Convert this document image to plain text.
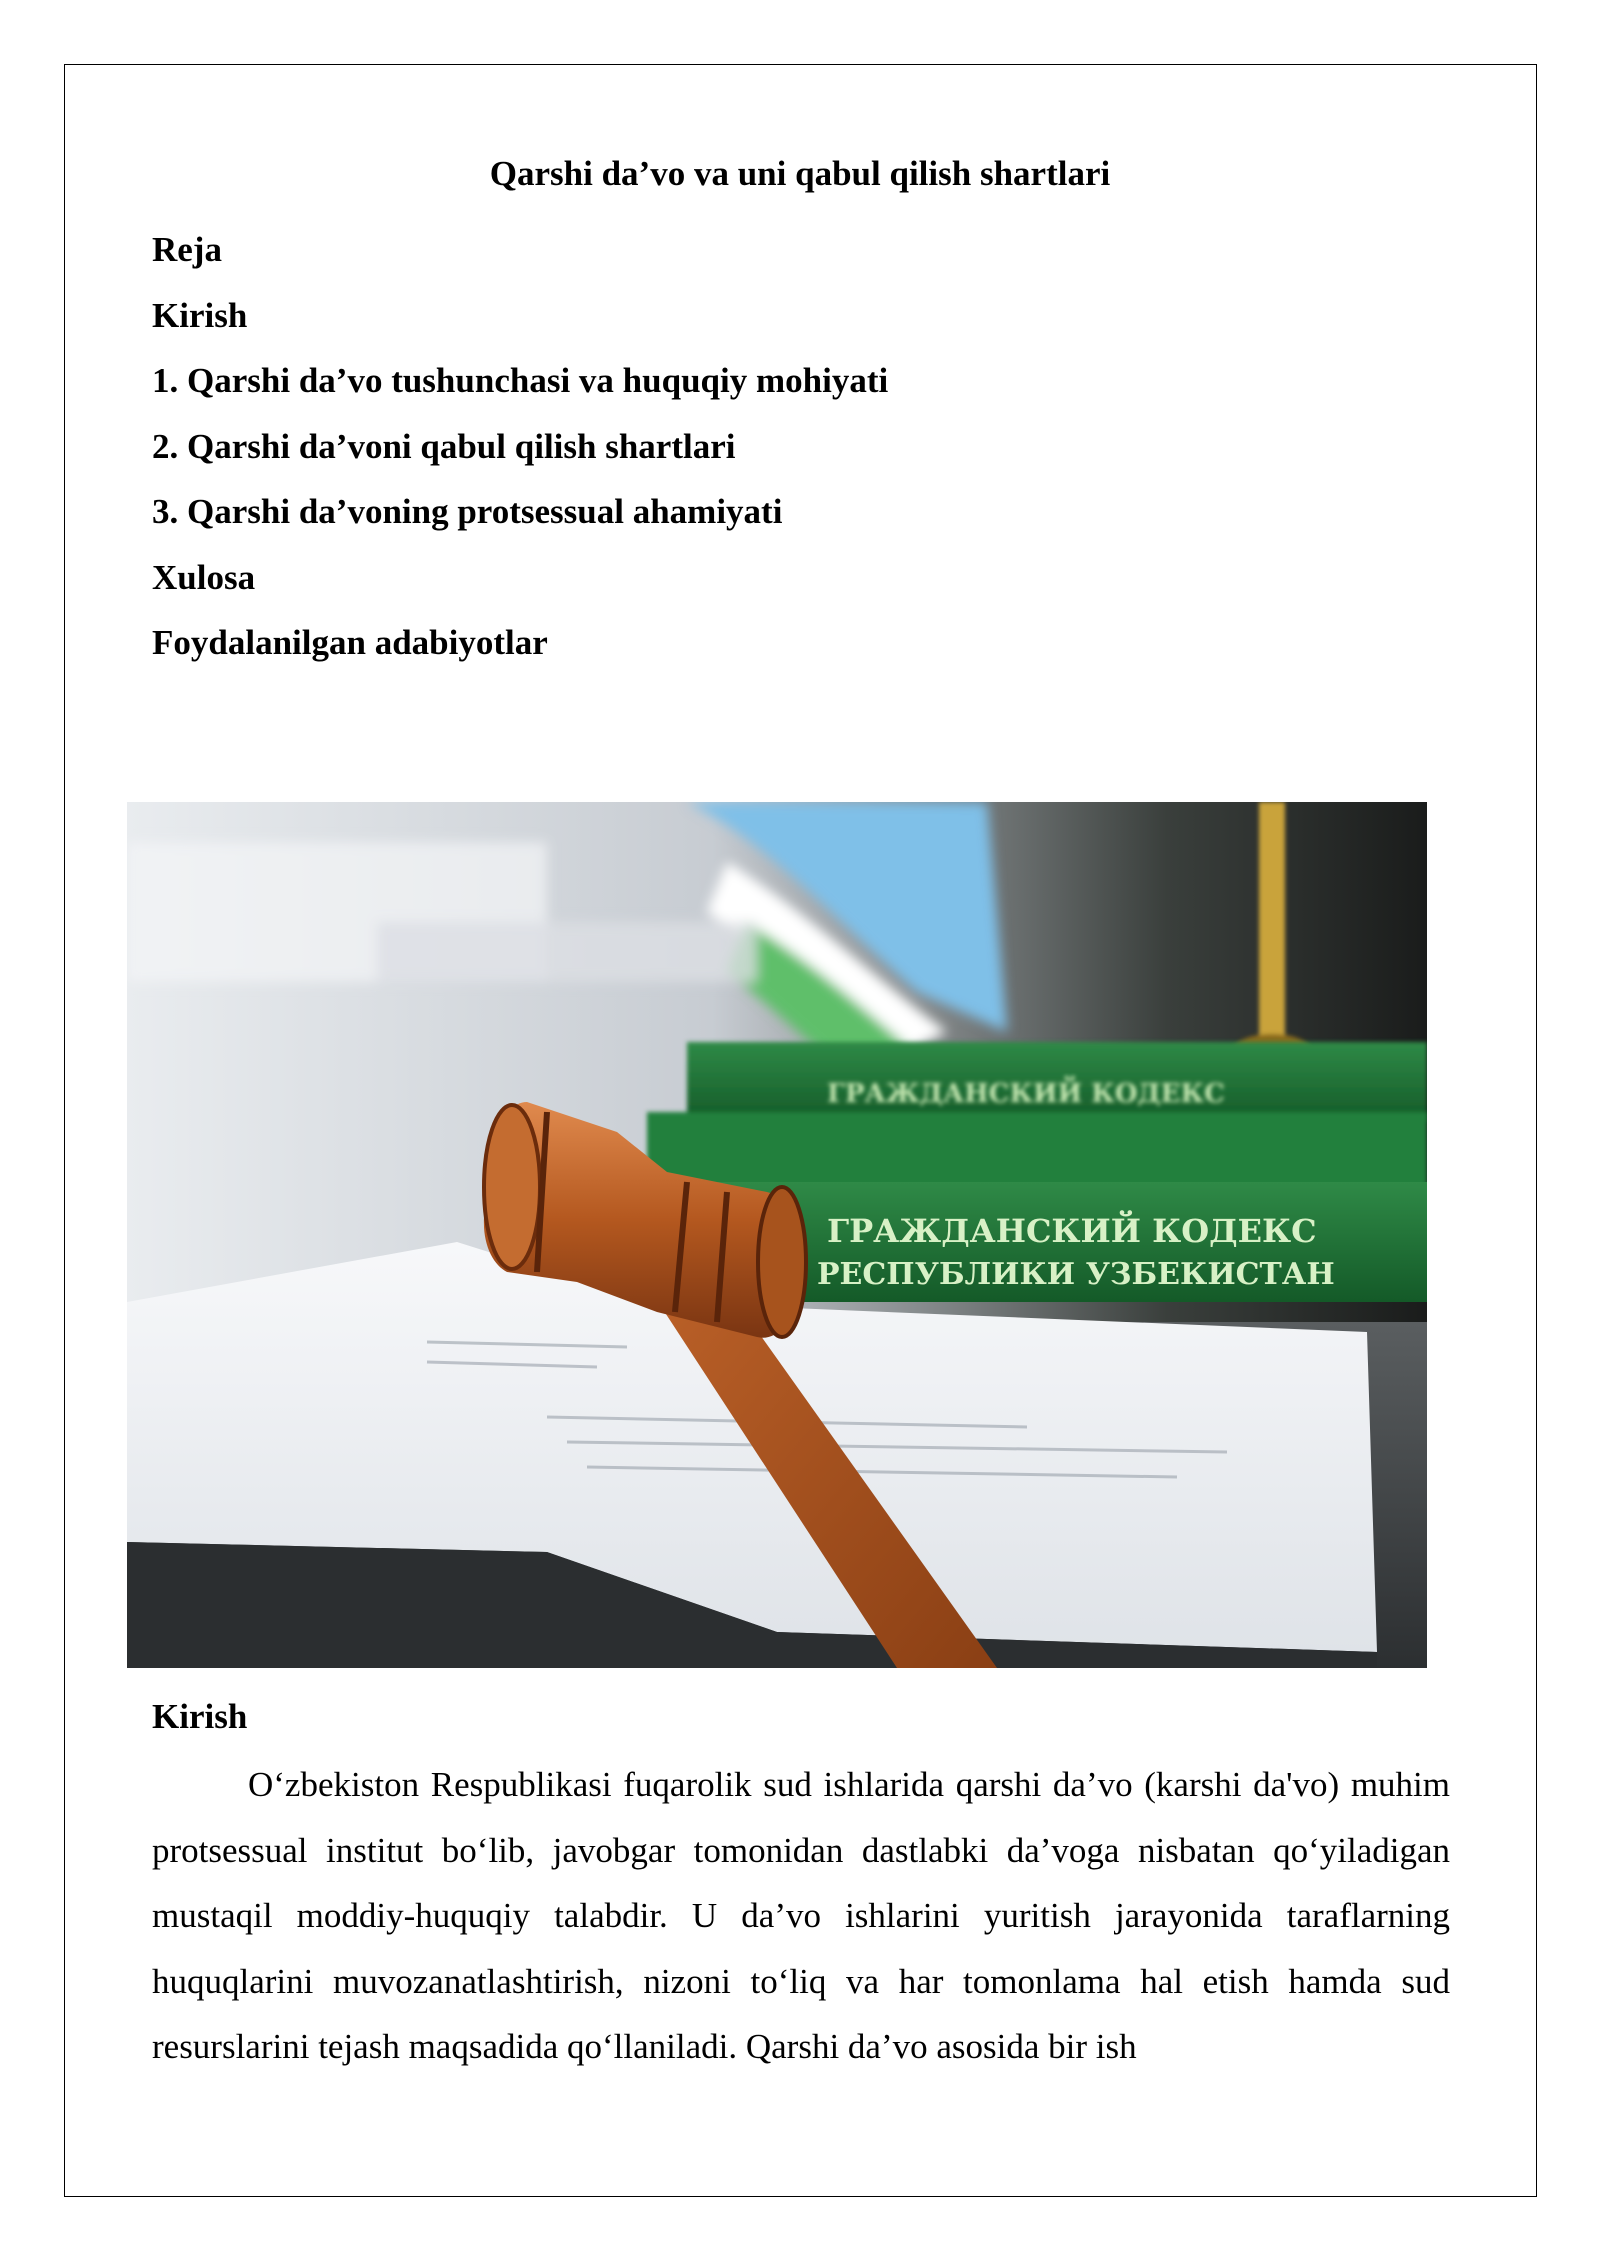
Qarshi da’vo va uni qabul qilish shartlari
Reja
Kirish
1. Qarshi da’vo tushunchasi va huquqiy mohiyati
2. Qarshi da’voni qabul qilish shartlari
3. Qarshi da’voning protsessual ahamiyati
Xulosa
Foydalanilgan adabiyotlar
ГРАЖДАНСКИЙ КОДЕКС
ГРАЖДАНСКИЙ КОДЕКС
РЕСПУБЛИКИ УЗБЕКИСТАН
Kirish

O‘zbekiston Respublikasi fuqarolik sud ishlarida qarshi da’vo (karshi da'vo) muhim protsessual institut bo‘lib, javobgar tomonidan dastlabki da’voga nisbatan qo‘yiladigan mustaqil moddiy-huquqiy talabdir. U da’vo ishlarini yuritish jarayonida taraflarning huquqlarini muvozanatlashtirish, nizoni to‘liq va har tomonlama hal etish hamda sud resurslarini tejash maqsadida qo‘llaniladi. Qarshi da’vo asosida bir ish
